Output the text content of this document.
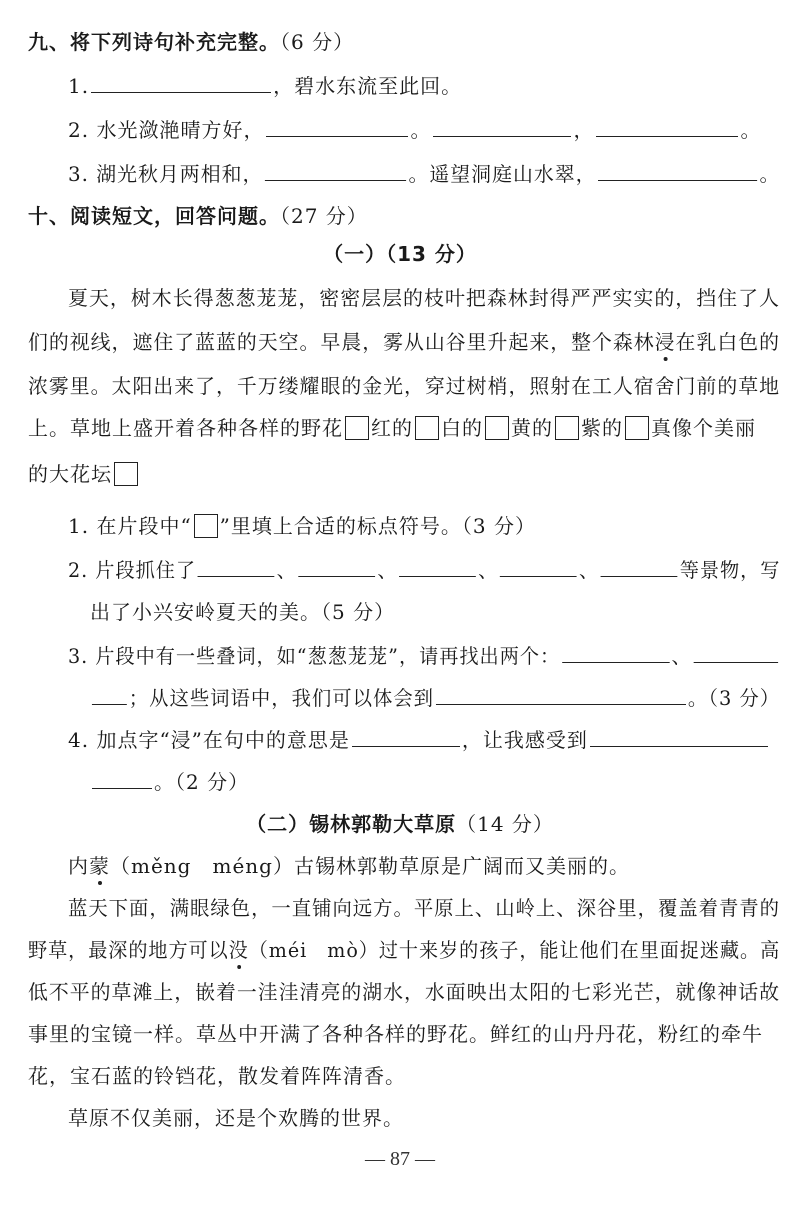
九、将下列诗句补充完整。（6 分）
1.	，碧水东流至此回。
2. 水光潋滟晴方好，	。	，	。
3. 湖光秋月两相和，	。遥望洞庭山水翠，	。
十、阅读短文，回答问题。（27 分）
（一）（13 分）
夏天，树木长得葱葱茏茏，密密层层的枝叶把森林封得严严实实的，挡住了人
们的视线，遮住了蓝蓝的天空。早晨，雾从山谷里升起来，整个森林浸在乳白色的
浓雾里。太阳出来了，千万缕耀眼的金光，穿过树梢，照射在工人宿舍门前的草地
上。草地上盛开着各种各样的野花 红的 白的 黄的 紫的 真像个美丽
的大花坛
1. 在片段中“ ”里填上合适的标点符号。（3 分）
2. 片段抓住了	、	、	、	、	等景物，写
出了小兴安岭夏天的美。（5 分）
3. 片段中有一些叠词，如“葱葱茏茏”，请再找出两个：	、
；从这些词语中，我们可以体会到	。（3 分）
4. 加点字“浸”在句中的意思是	，让我感受到
。（2 分）
（二）锡林郭勒大草原（14 分）
内蒙（měng　méng）古锡林郭勒草原是广阔而又美丽的。
蓝天下面，满眼绿色，一直铺向远方。平原上、山岭上、深谷里，覆盖着青青的
野草，最深的地方可以没（méi　mò）过十来岁的孩子，能让他们在里面捉迷藏。高
低不平的草滩上，嵌着一洼洼清亮的湖水，水面映出太阳的七彩光芒，就像神话故
事里的宝镜一样。草丛中开满了各种各样的野花。鲜红的山丹丹花，粉红的牵牛
花，宝石蓝的铃铛花，散发着阵阵清香。
草原不仅美丽，还是个欢腾的世界。
— 87 —
